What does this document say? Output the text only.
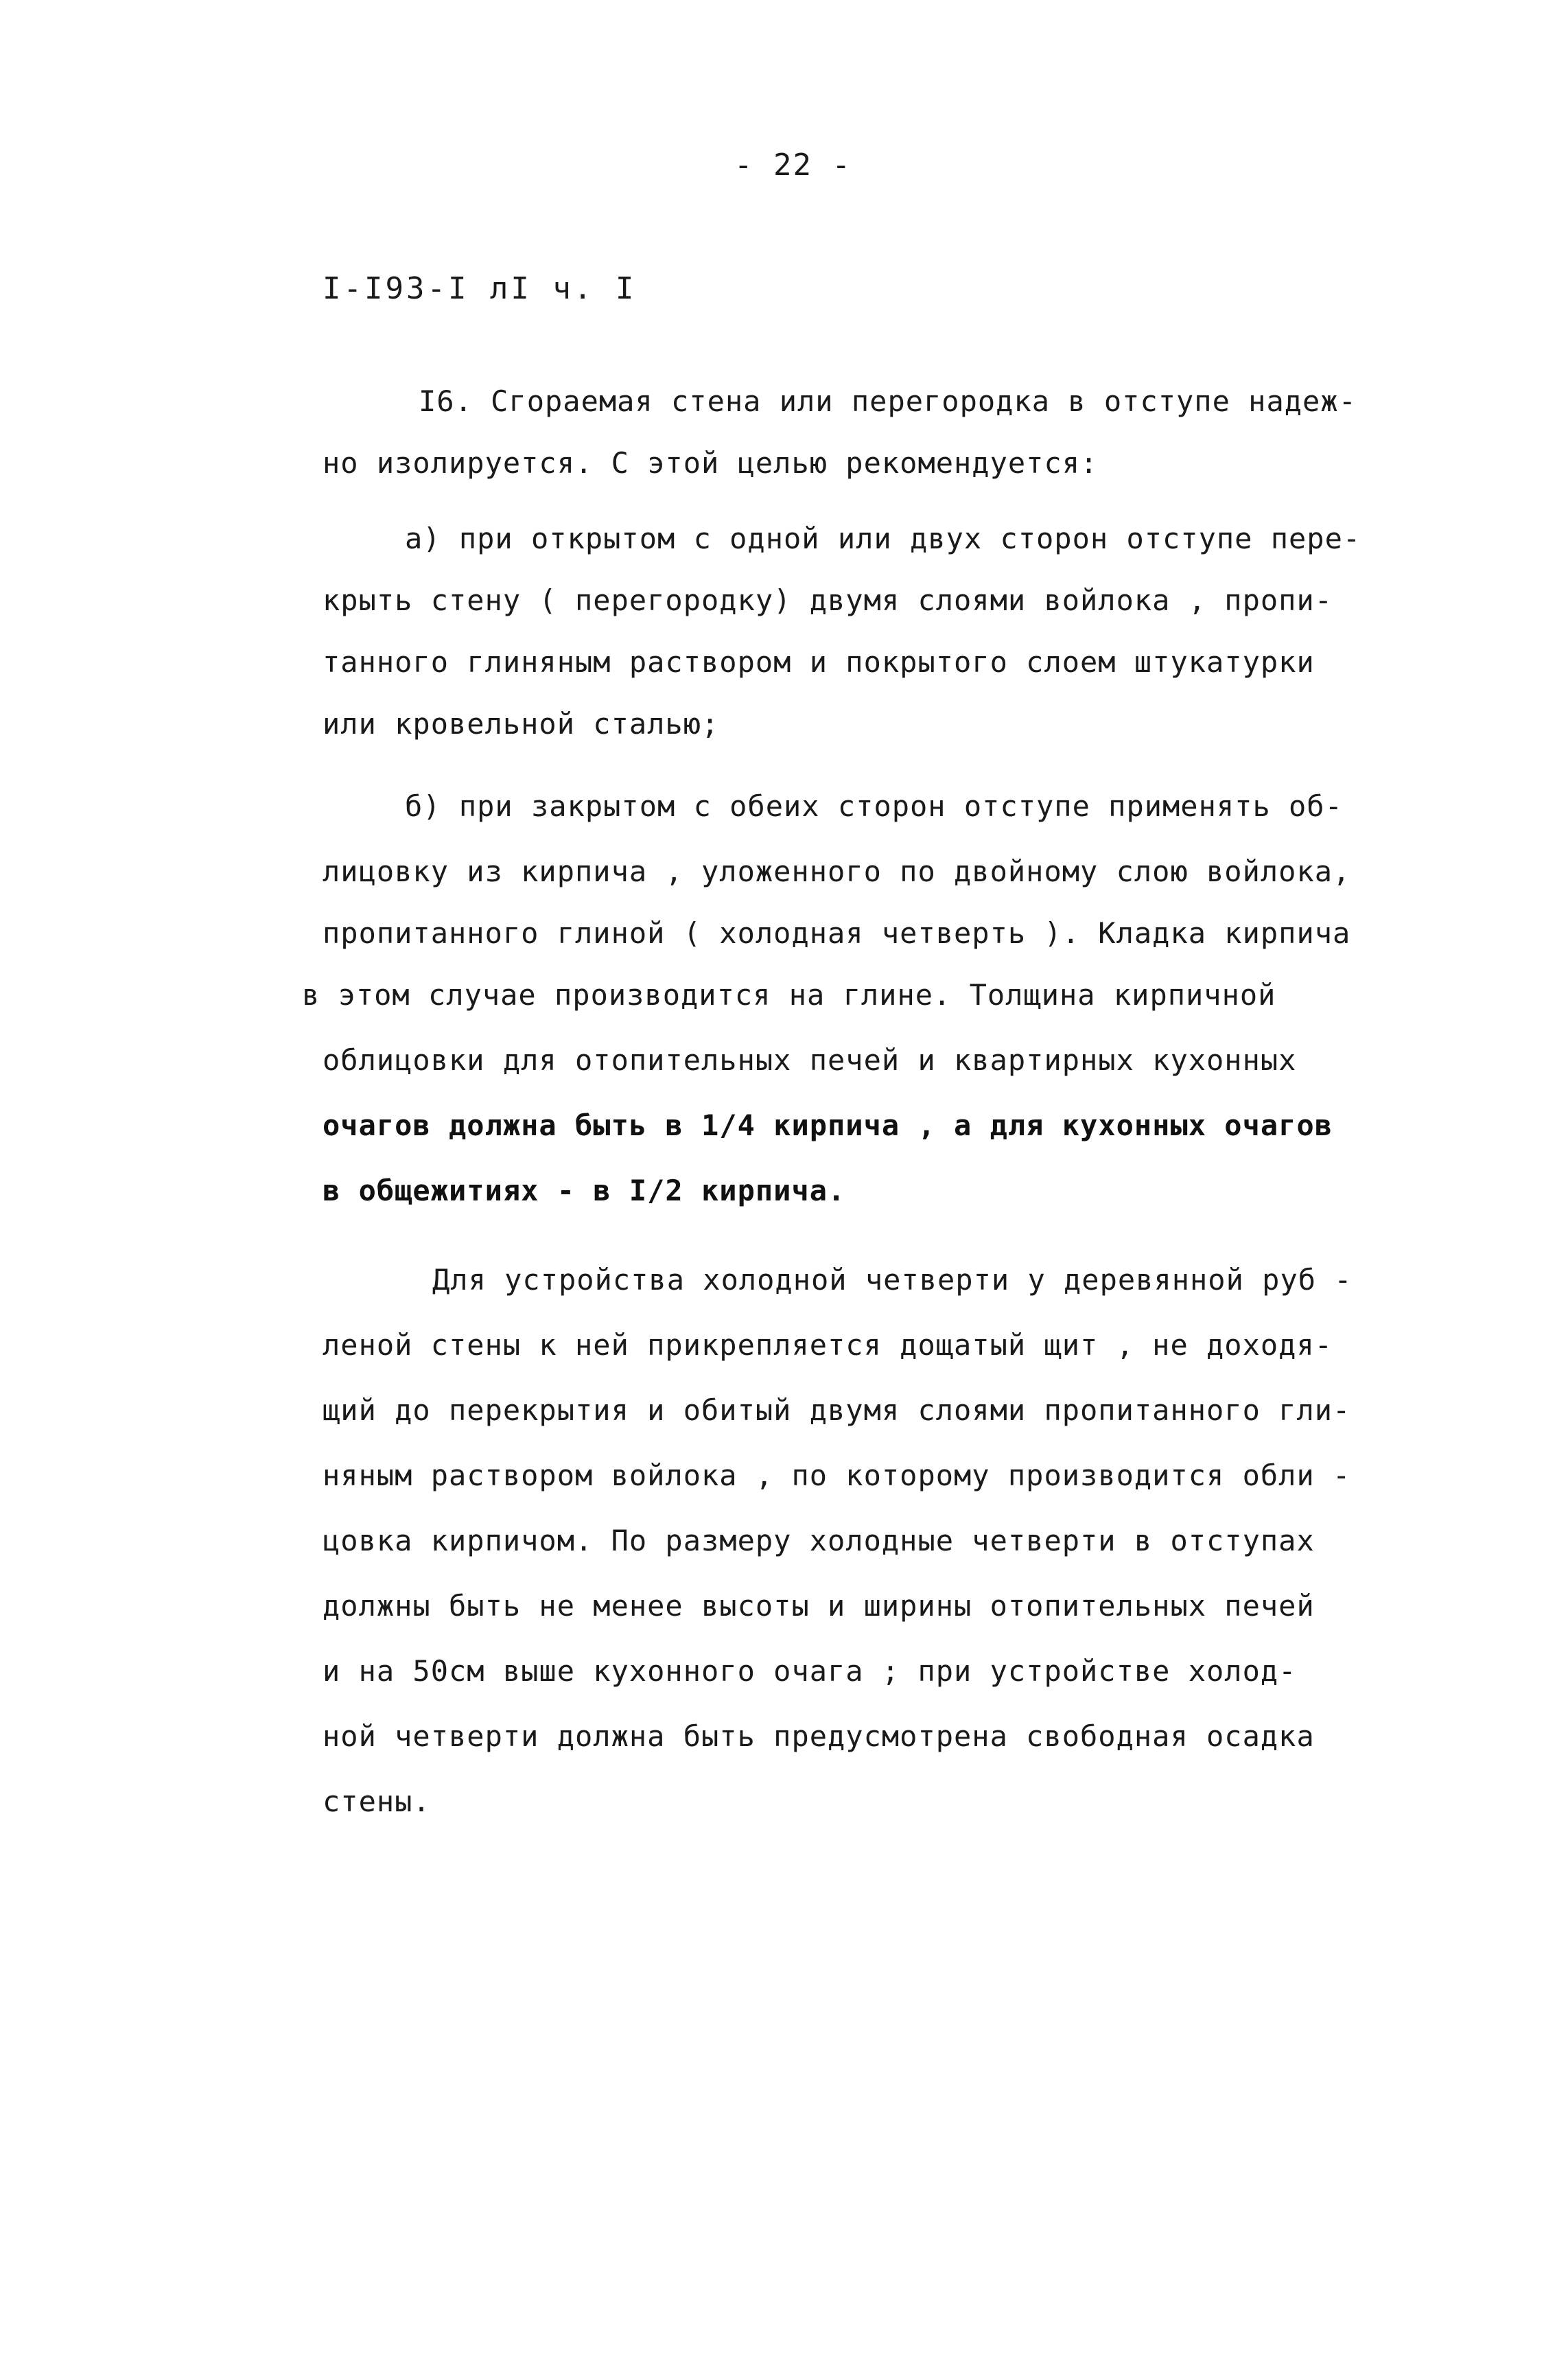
- 22 -
I-I93-I лI ч. I
I6. Сгораемая стена или перегородка в отступе надеж-
но изолируется. С этой целью рекомендуется:
а) при открытом с одной или двух сторон отступе пере-
крыть стену ( перегородку) двумя слоями войлока , пропи-
танного глиняным раствором и покрытого слоем штукатурки
или кровельной сталью;
б) при закрытом с обеих сторон отступе применять об-
лицовку из кирпича , уложенного по двойному слою войлока,
пропитанного глиной ( холодная четверть ). Кладка кирпича
в этом случае производится на глине. Толщина кирпичной
облицовки для отопительных печей и квартирных кухонных
очагов должна быть в 1/4 кирпича , а для кухонных очагов
в общежитиях - в I/2 кирпича.
Для устройства холодной четверти у деревянной руб -
леной стены к ней прикрепляется дощатый щит , не доходя-
щий до перекрытия и обитый двумя слоями пропитанного гли-
няным раствором войлока , по которому производится обли -
цовка кирпичом. По размеру холодные четверти в отступах
должны быть не менее высоты и ширины отопительных печей
и на 50см выше кухонного очага ; при устройстве холод-
ной четверти должна быть предусмотрена свободная осадка
стены.
